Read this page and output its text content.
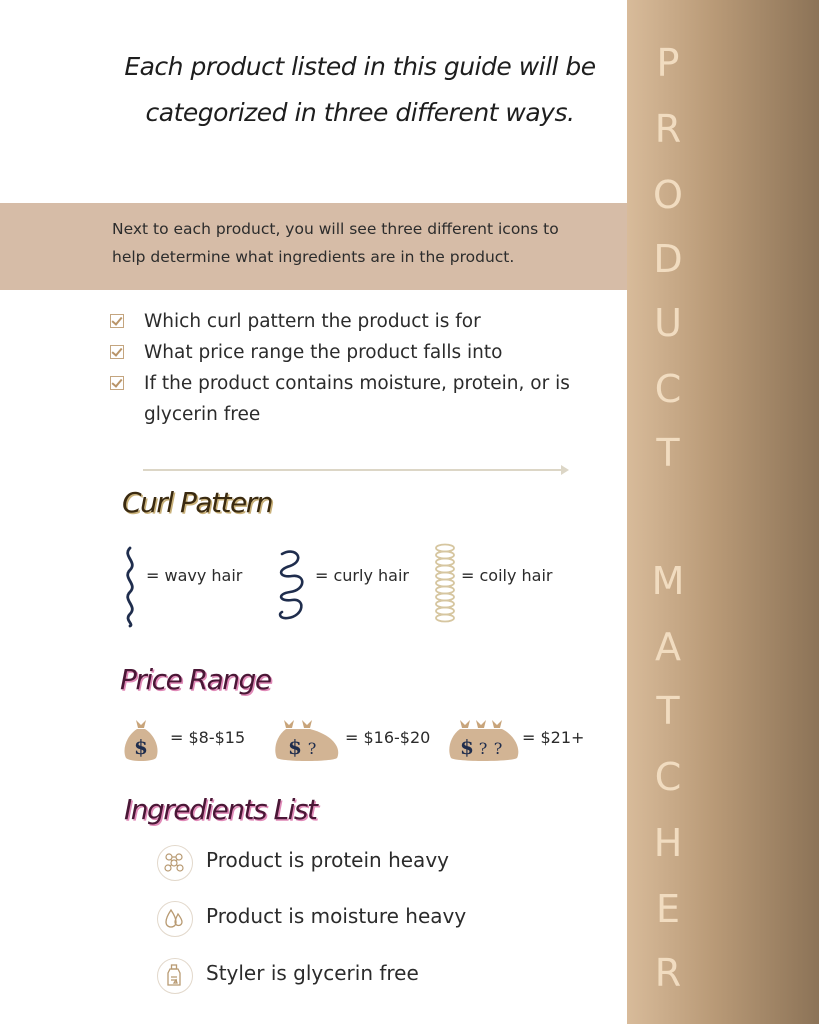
P
R
O
D
U
C
T
M
A
T
C
H
E
R
Each product listed in this guide will be
categorized in three different ways.
Next to each product, you will see three different icons to
help determine what ingredients are in the product.
Which curl pattern the product is for
What price range the product falls into
If the product contains moisture, protein, or is glycerin free
Curl Pattern
= wavy hair	= curly hair	= coily hair
Price Range
$ = $8-$15 $ ?
= $16-$20 $ ? ?
= $21+
Ingredients List
Product is protein heavy
Product is moisture heavy
Styler is glycerin free
